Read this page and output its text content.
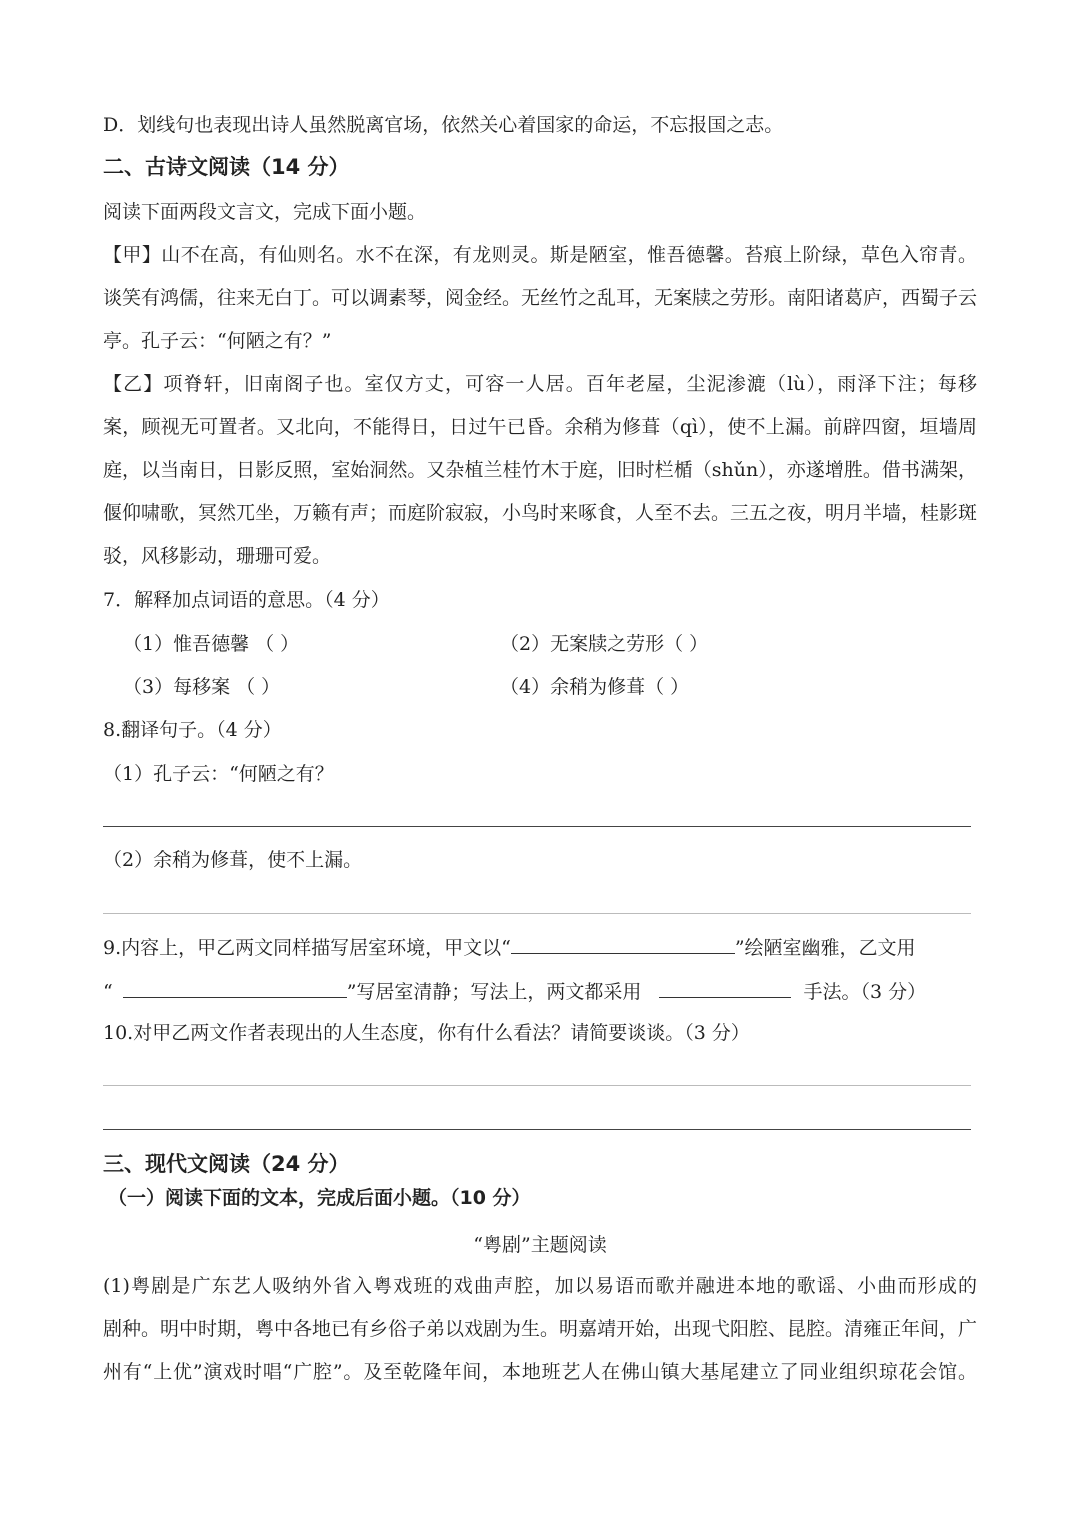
D．划线句也表现出诗人虽然脱离官场，依然关心着国家的命运，不忘报国之志。
二、古诗文阅读（14 分）
阅读下面两段文言文，完成下面小题。
【甲】山不在高，有仙则名。水不在深，有龙则灵。斯是陋室，惟吾德馨。苔痕上阶绿，草色入帘青。
谈笑有鸿儒，往来无白丁。可以调素琴，阅金经。无丝竹之乱耳，无案牍之劳形。南阳诸葛庐，西蜀子云
亭。孔子云：“何陋之有？”
【乙】项脊轩，旧南阁子也。室仅方丈，可容一人居。百年老屋，尘泥渗漉（lù），雨泽下注；每移
案，顾视无可置者。又北向，不能得日，日过午已昏。余稍为修葺（qì），使不上漏。前辟四窗，垣墙周
庭，以当南日，日影反照，室始洞然。又杂植兰桂竹木于庭，旧时栏楯（shǔn），亦遂增胜。借书满架，
偃仰啸歌，冥然兀坐，万籁有声；而庭阶寂寂，小鸟时来啄食，人至不去。三五之夜，明月半墙，桂影斑
驳，风移影动，珊珊可爱。
7．解释加点词语的意思。（4 分）
（1）惟吾德馨 （ ）	（2）无案牍之劳形（ ）
（3）每移案 （ ）	（4）余稍为修葺（ ）
8.翻译句子。（4 分）
（1）孔子云：“何陋之有？
（2）余稍为修葺，使不上漏。
9.内容上，甲乙两文同样描写居室环境，甲文以“	”绘陋室幽雅，乙文用
“	”写居室清静；写法上，两文都采用	手法。（3 分）
10.对甲乙两文作者表现出的人生态度，你有什么看法？请简要谈谈。（3 分）
三、现代文阅读（24 分）
（一）阅读下面的文本，完成后面小题。（10 分）
“粤剧”主题阅读
(1)粤剧是广东艺人吸纳外省入粤戏班的戏曲声腔，加以易语而歌并融进本地的歌谣、小曲而形成的
剧种。明中时期，粤中各地已有乡俗子弟以戏剧为生。明嘉靖开始，出现弋阳腔、昆腔。清雍正年间，广
州有“上优”演戏时唱“广腔”。及至乾隆年间，本地班艺人在佛山镇大基尾建立了同业组织琼花会馆。
